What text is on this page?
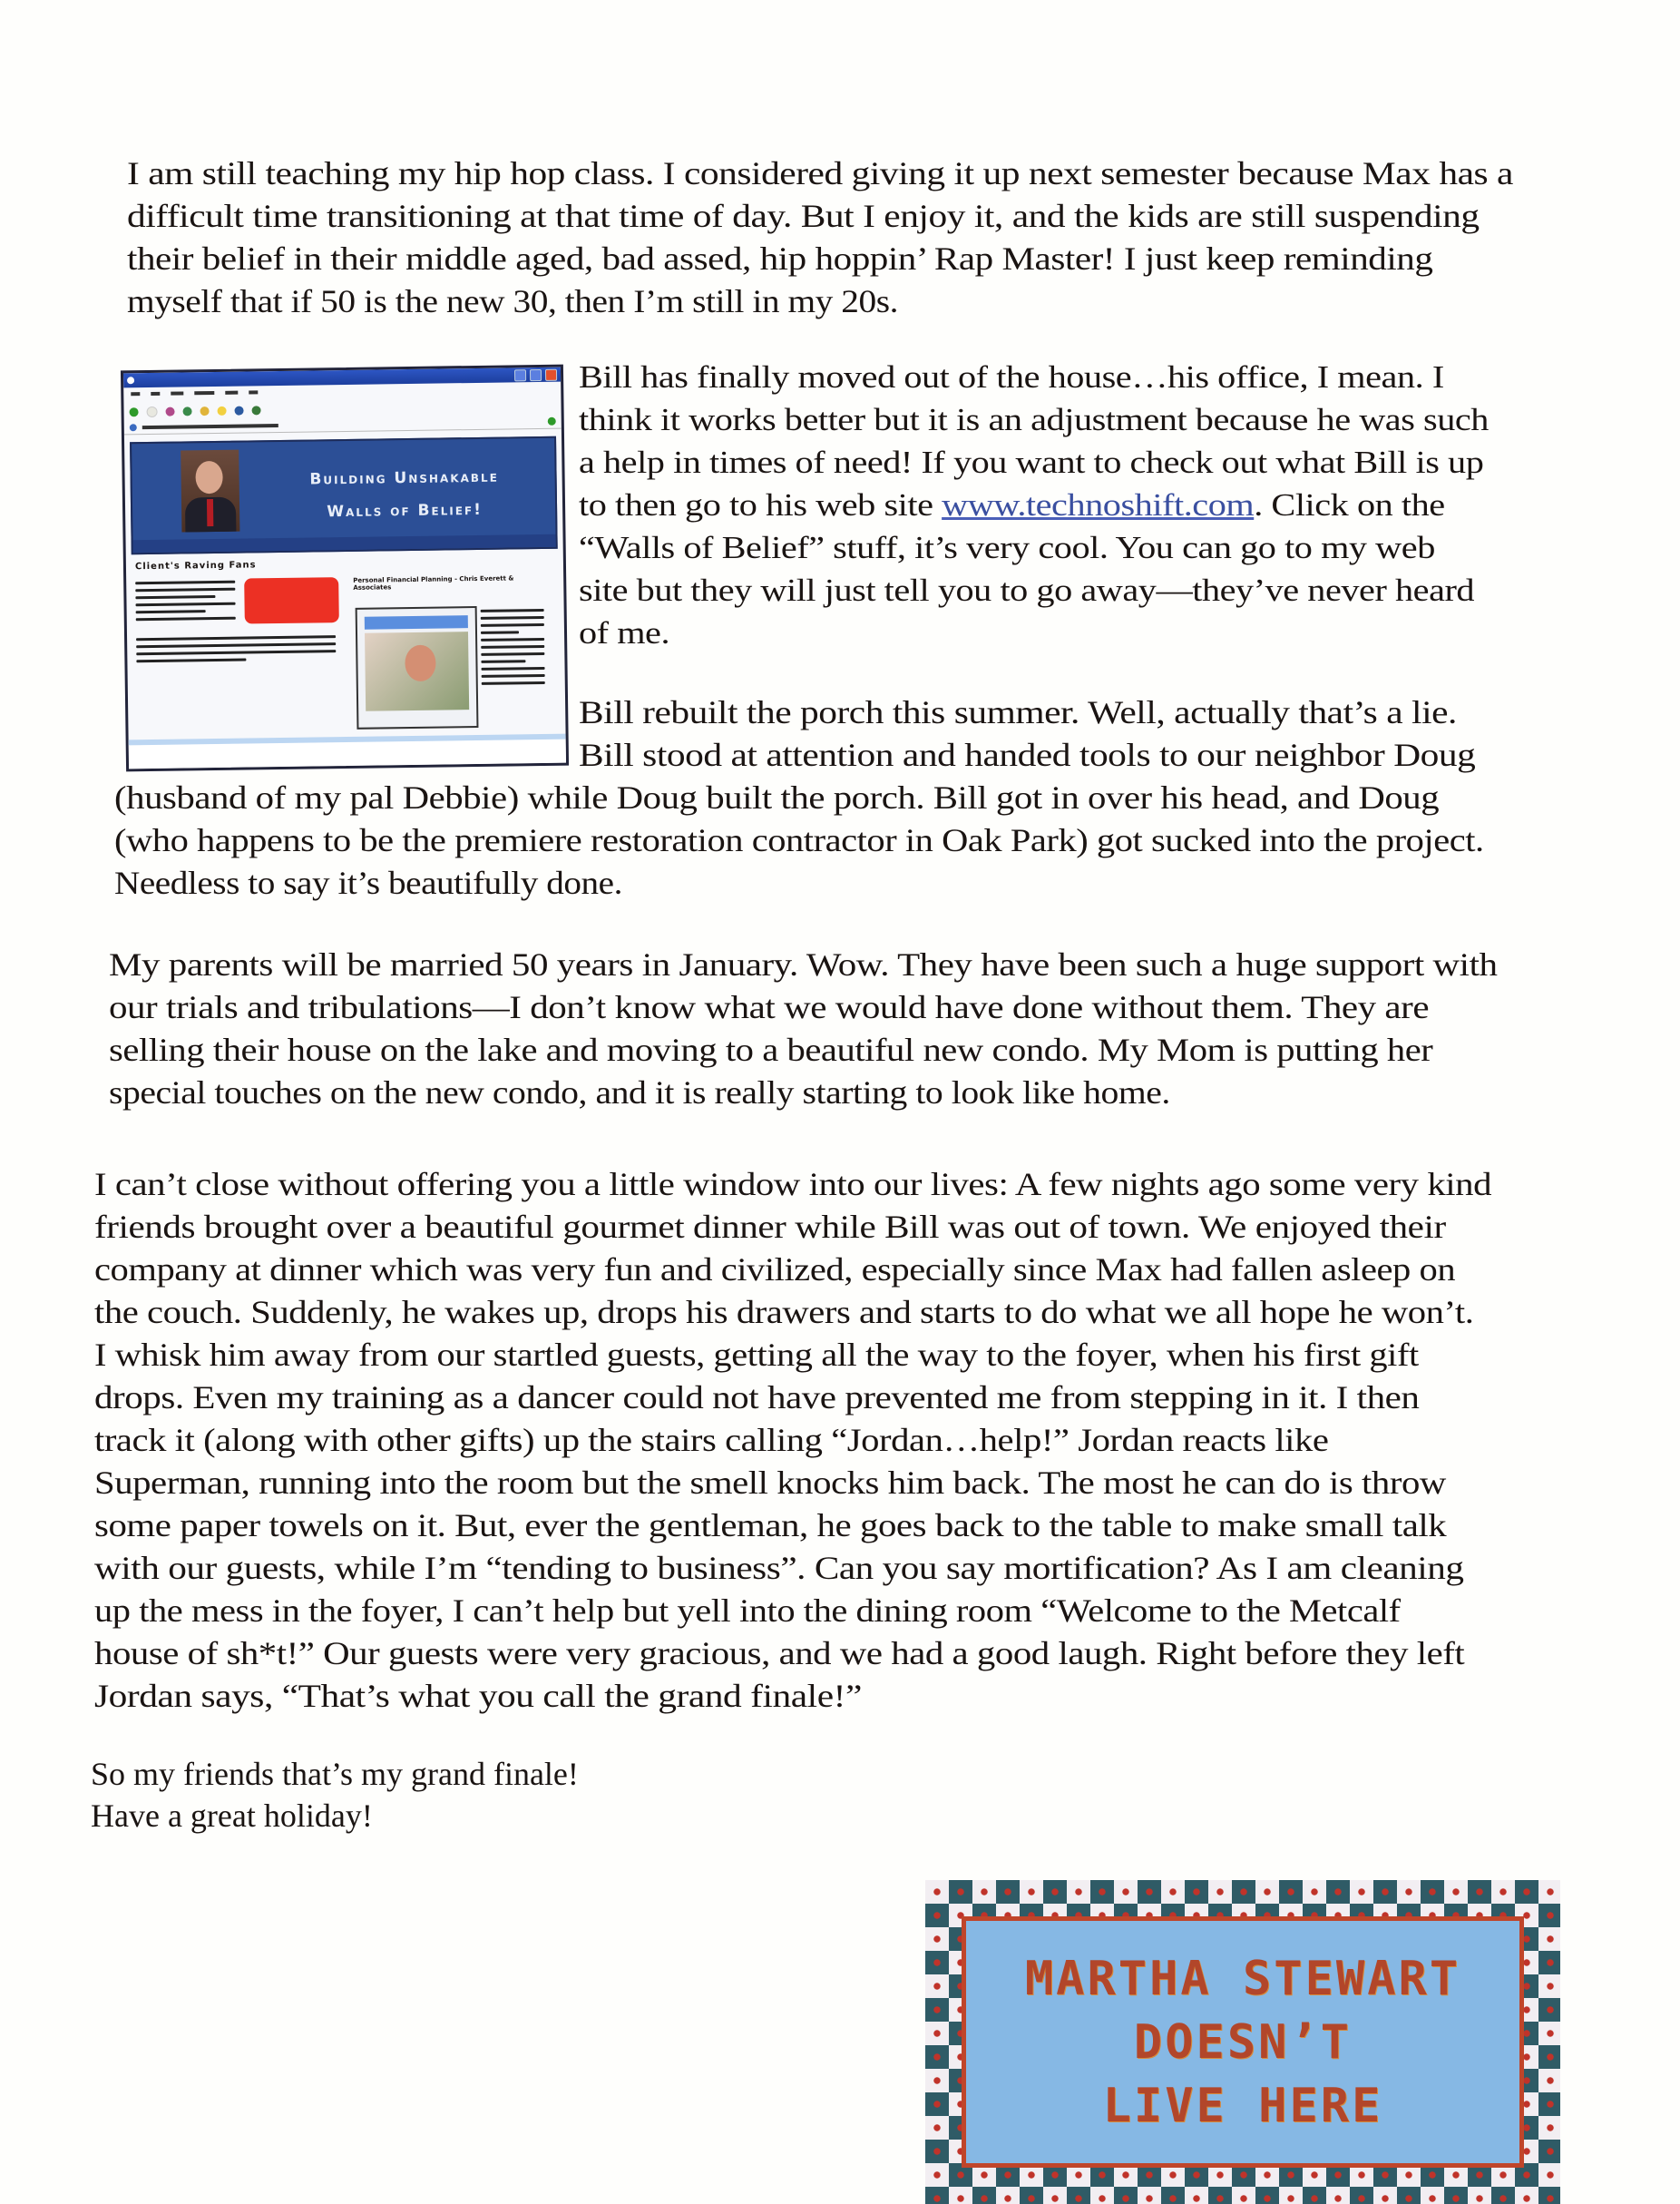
I am still teaching my hip hop class. I considered giving it up next semester because Max has a
difficult time transitioning at that time of day. But I enjoy it, and the kids are still suspending
their belief in their middle aged, bad assed, hip hoppin’ Rap Master! I just keep reminding
myself that if 50 is the new 30, then I’m still in my 20s.

Building Unshakable
Walls of Belief!
Client's Raving Fans

Personal Financial Planning - Chris Everett & Associates
Bill has finally moved out of the house…his office, I mean. I
think it works better but it is an adjustment because he was such
a help in times of need! If you want to check out what Bill is up
to then go to his web site www.technoshift.com. Click on the
“Walls of Belief” stuff, it’s very cool. You can go to my web
site but they will just tell you to go away—they’ve never heard
of me.
Bill rebuilt the porch this summer. Well, actually that’s a lie.
Bill stood at attention and handed tools to our neighbor Doug
(husband of my pal Debbie) while Doug built the porch. Bill got in over his head, and Doug
(who happens to be the premiere restoration contractor in Oak Park) got sucked into the project.
Needless to say it’s beautifully done.
My parents will be married 50 years in January. Wow. They have been such a huge support with
our trials and tribulations—I don’t know what we would have done without them. They are
selling their house on the lake and moving to a beautiful new condo. My Mom is putting her
special touches on the new condo, and it is really starting to look like home.
I can’t close without offering you a little window into our lives: A few nights ago some very kind
friends brought over a beautiful gourmet dinner while Bill was out of town. We enjoyed their
company at dinner which was very fun and civilized, especially since Max had fallen asleep on
the couch. Suddenly, he wakes up, drops his drawers and starts to do what we all hope he won’t.
I whisk him away from our startled guests, getting all the way to the foyer, when his first gift
drops. Even my training as a dancer could not have prevented me from stepping in it. I then
track it (along with other gifts) up the stairs calling “Jordan…help!” Jordan reacts like
Superman, running into the room but the smell knocks him back. The most he can do is throw
some paper towels on it. But, ever the gentleman, he goes back to the table to make small talk
with our guests, while I’m “tending to business”. Can you say mortification? As I am cleaning
up the mess in the foyer, I can’t help but yell into the dining room “Welcome to the Metcalf
house of sh*t!” Our guests were very gracious, and we had a good laugh. Right before they left
Jordan says, “That’s what you call the grand finale!”
So my friends that’s my grand finale!
Have a great holiday!
MARTHA STEWART
DOESN’T
LIVE HERE
